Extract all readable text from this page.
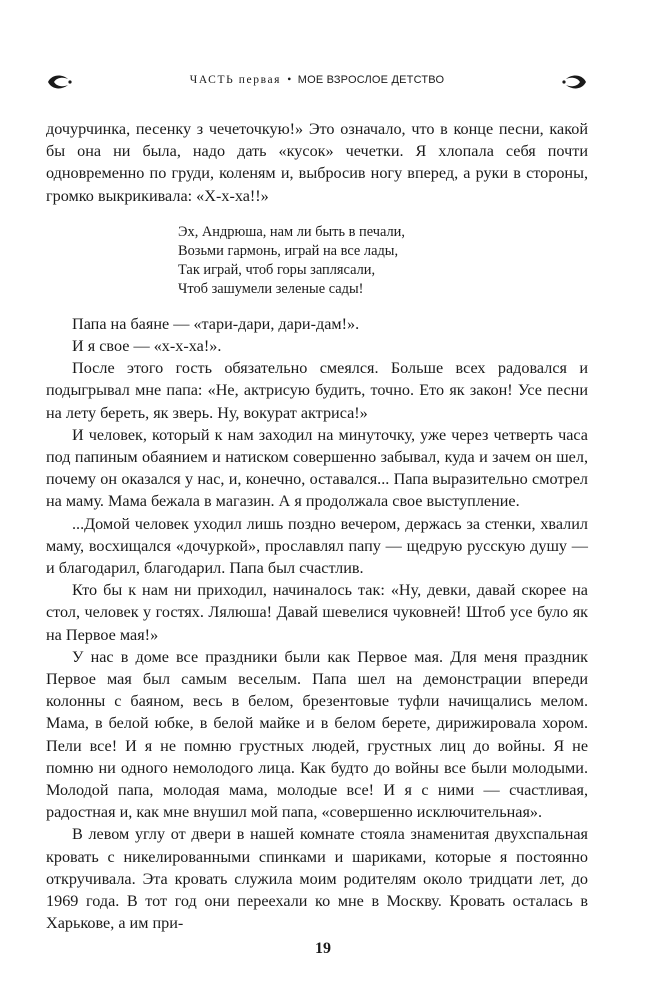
ЧАСТЬ первая • МОЕ ВЗРОСЛОЕ ДЕТСТВО

дочурчинка, песенку з чечеточкую!» Это означало, что в конце песни, какой бы она ни была, надо дать «кусок» чечетки. Я хлопала себя почти одновременно по груди, коленям и, выбросив ногу вперед, а руки в стороны, громко выкрикивала: «Х-х-ха!!»

Эх, Андрюша, нам ли быть в печали,
Возьми гармонь, играй на все лады,
Так играй, чтоб горы заплясали,
Чтоб зашумели зеленые сады!

Папа на баяне — «тари-дари, дари-дам!».

И я свое — «х-х-ха!».

После этого гость обязательно смеялся. Больше всех радовался и подыгрывал мне папа: «Не, актрисую будить, точно. Ето як закон! Усе песни на лету береть, як зверь. Ну, вокурат актриса!»

И человек, который к нам заходил на минуточку, уже через четверть часа под папиным обаянием и натиском совершенно забывал, куда и зачем он шел, почему он оказался у нас, и, конечно, оставался... Папа выразительно смотрел на маму. Мама бежала в магазин. А я продолжала свое выступление.

...Домой человек уходил лишь поздно вечером, держась за стенки, хвалил маму, восхищался «дочуркой», прославлял папу — щедрую русскую душу — и благодарил, благодарил. Папа был счастлив.

Кто бы к нам ни приходил, начиналось так: «Ну, девки, давай скорее на стол, человек у гостях. Лялюша! Давай шевелися чуковней! Штоб усе було як на Первое мая!»

У нас в доме все праздники были как Первое мая. Для меня праздник Первое мая был самым веселым. Папа шел на демонстрации впереди колонны с баяном, весь в белом, брезентовые туфли начищались мелом. Мама, в белой юбке, в белой майке и в белом берете, дирижировала хором. Пели все! И я не помню грустных людей, грустных лиц до войны. Я не помню ни одного немолодого лица. Как будто до войны все были молодыми. Молодой папа, молодая мама, молодые все! И я с ними — счастливая, радостная и, как мне внушил мой папа, «совершенно исключительная».

В левом углу от двери в нашей комнате стояла знаменитая двухспальная кровать с никелированными спинками и шариками, которые я постоянно откручивала. Эта кровать служила моим родителям около тридцати лет, до 1969 года. В тот год они переехали ко мне в Москву. Кровать осталась в Харькове, а им при-

19
